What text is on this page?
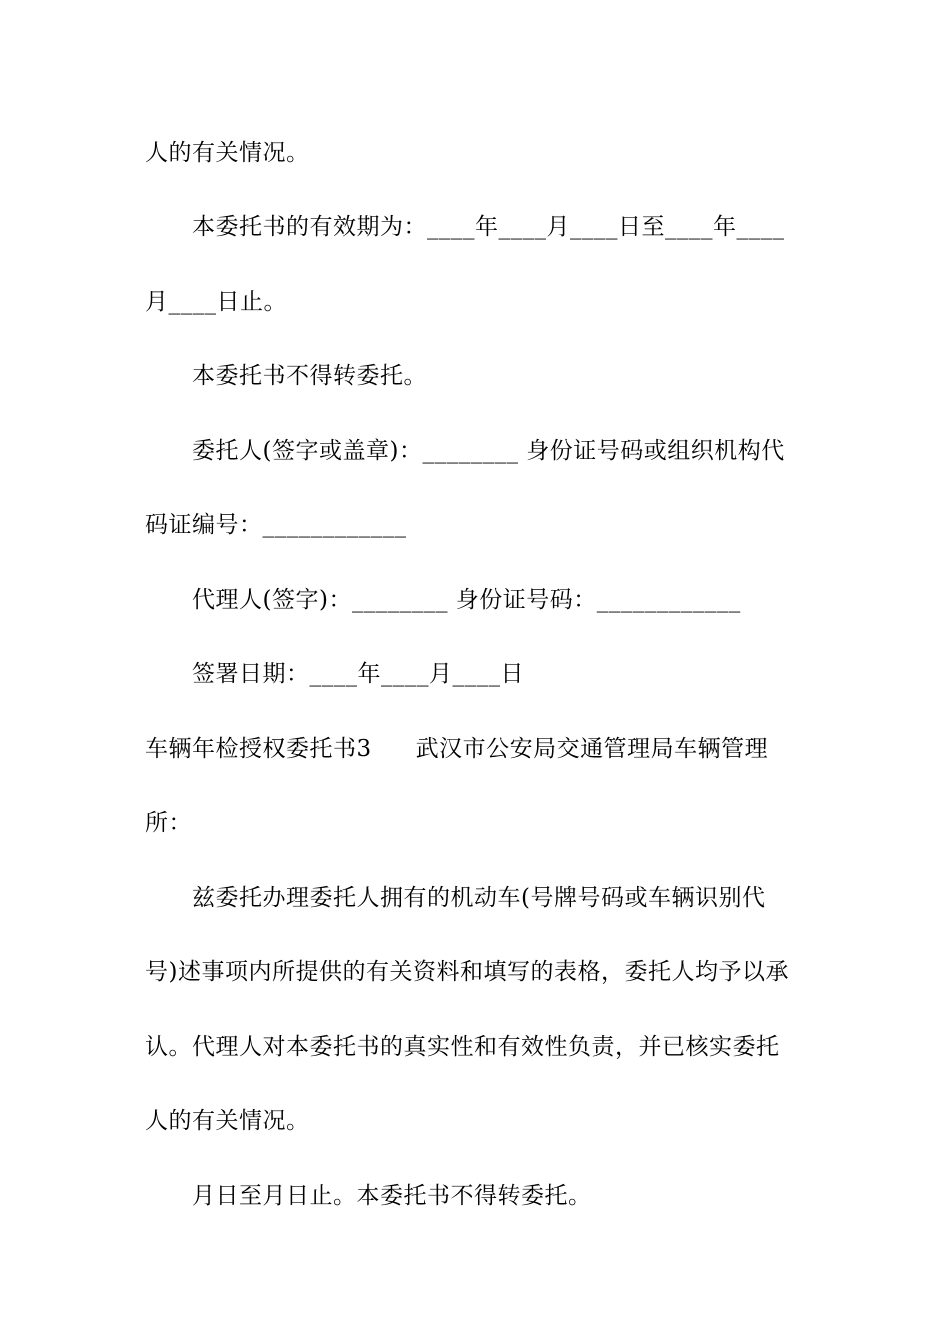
人的有关情况。
本委托书的有效期为：____年____月____日至____年____
月____日止。
本委托书不得转委托。
委托人(签字或盖章)：________ 身份证号码或组织机构代
码证编号：____________
代理人(签字)：________ 身份证号码：____________
签署日期：____年____月____日
车辆年检授权委托书3 武汉市公安局交通管理局车辆管理
所：
兹委托办理委托人拥有的机动车(号牌号码或车辆识别代
号)述事项内所提供的有关资料和填写的表格，委托人均予以承
认。代理人对本委托书的真实性和有效性负责，并已核实委托
人的有关情况。
月日至月日止。本委托书不得转委托。
